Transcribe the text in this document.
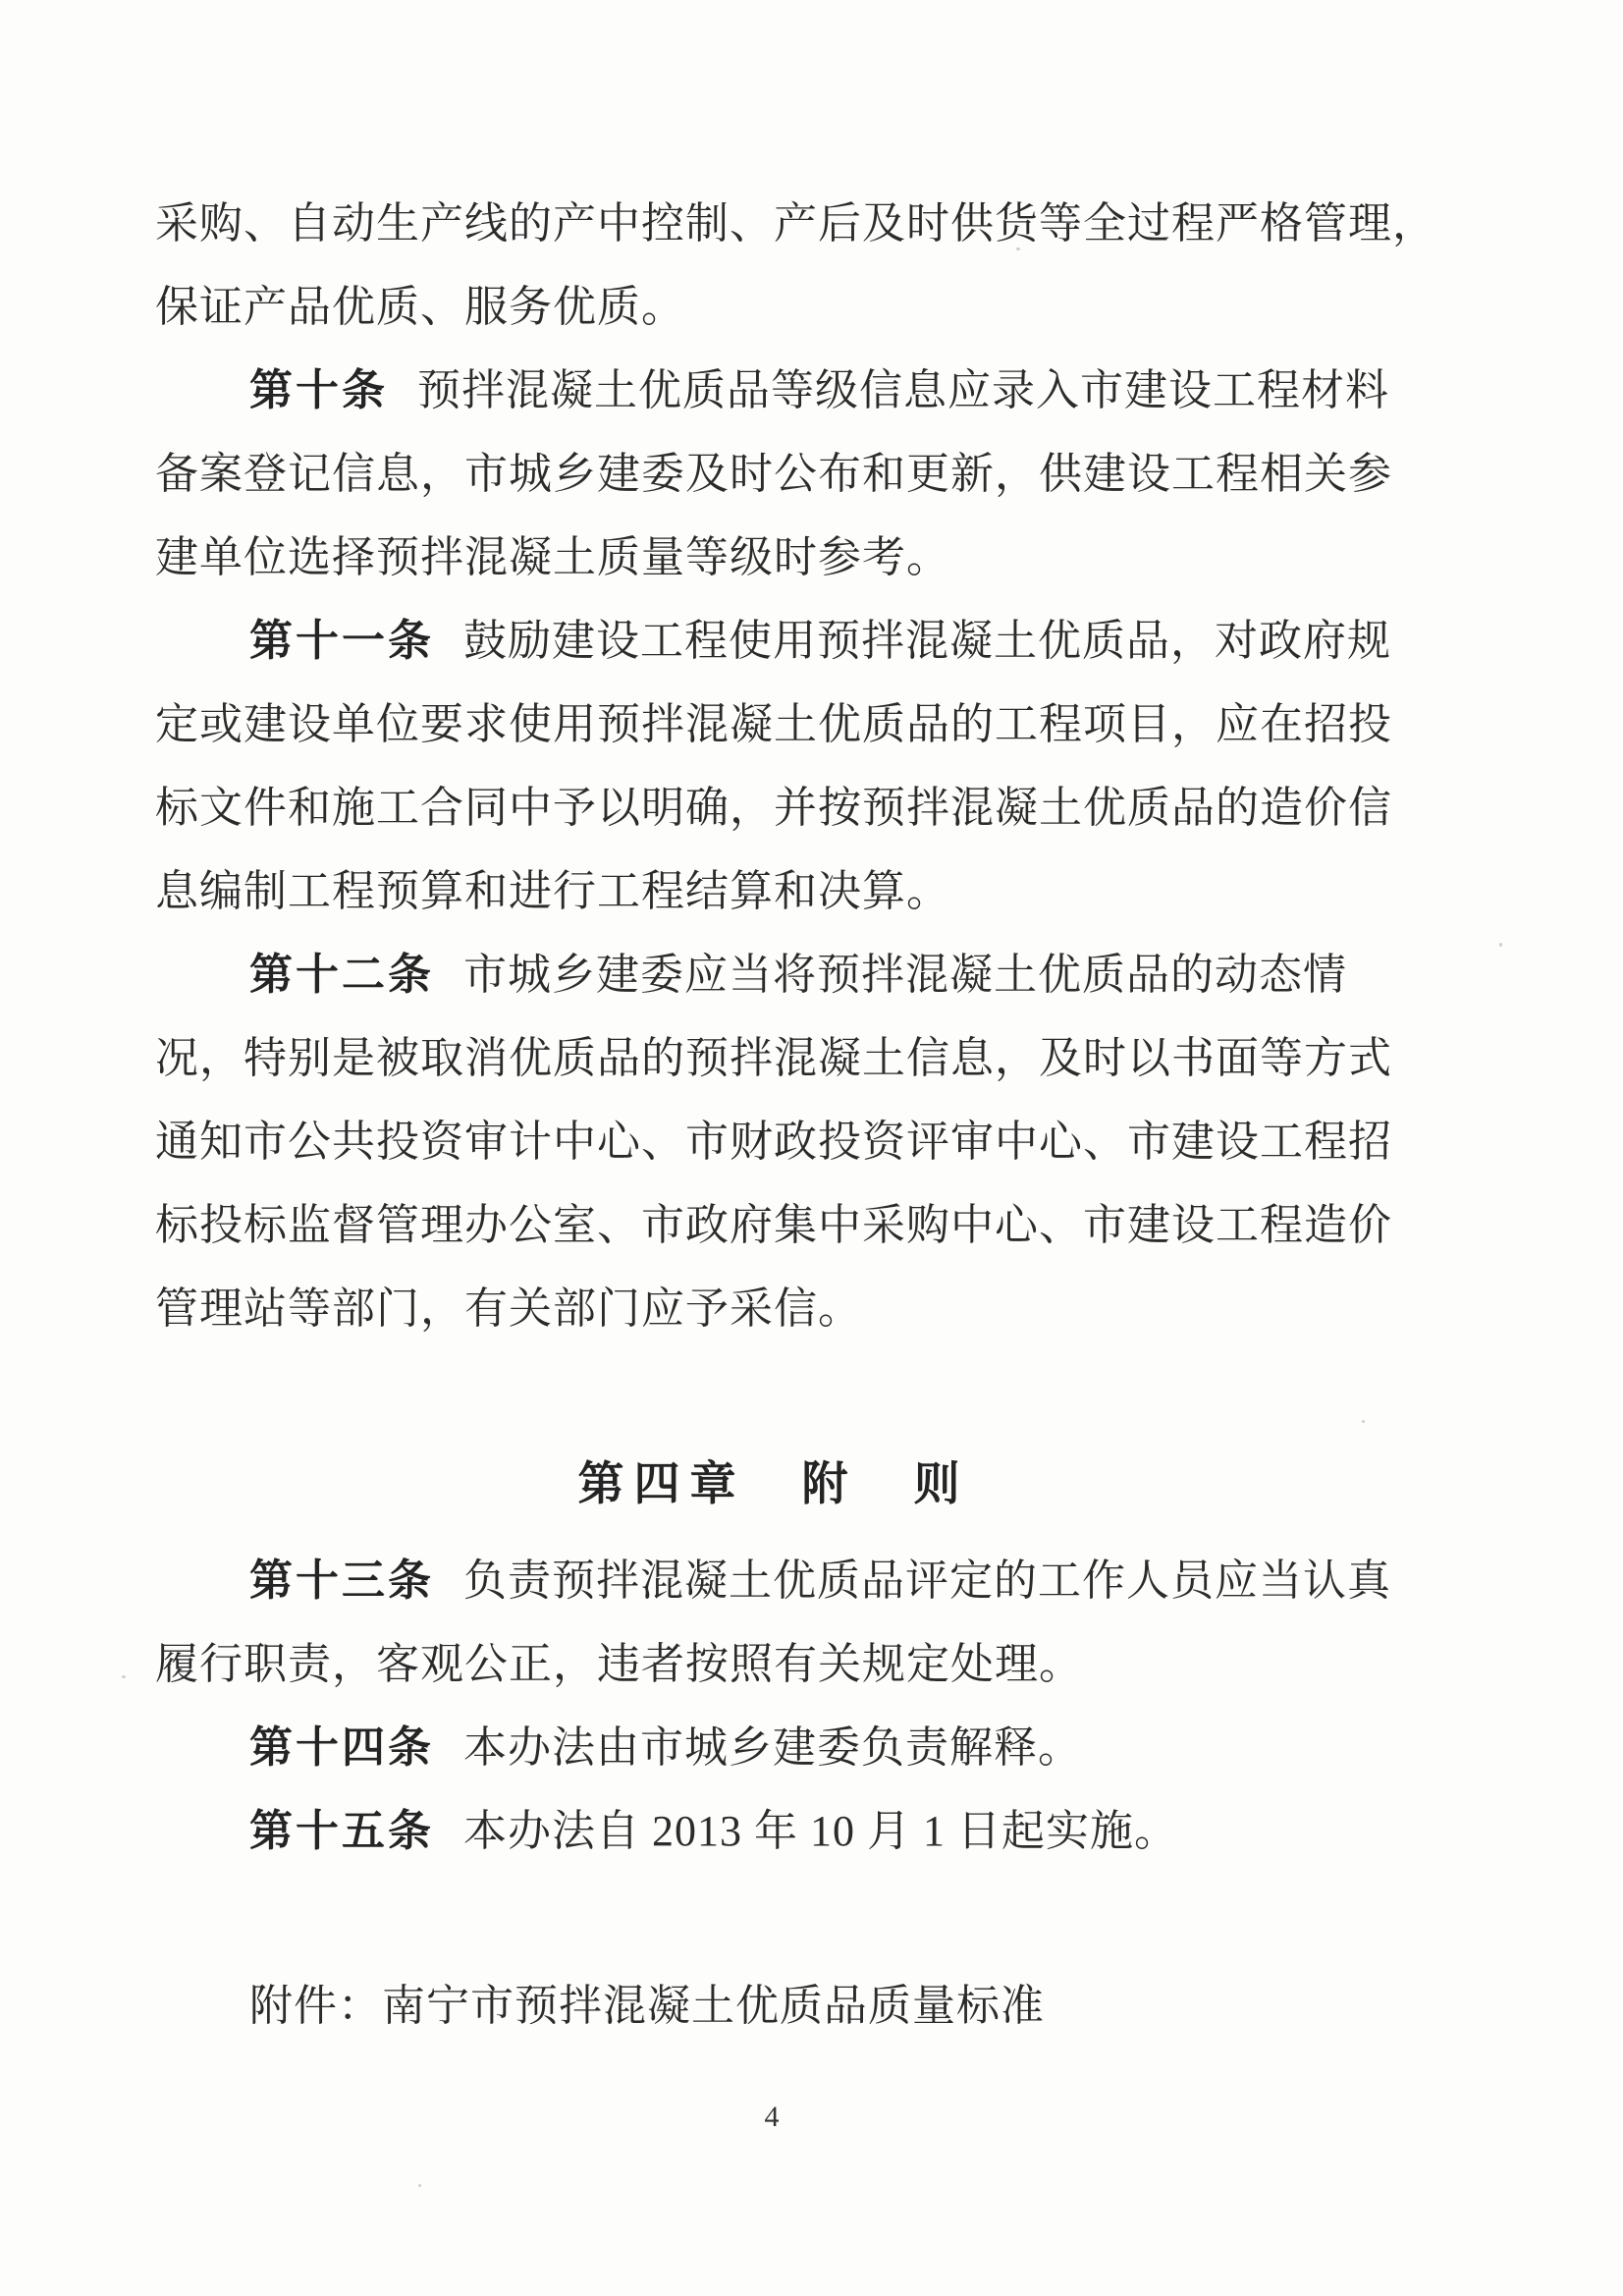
采购、自动生产线的产中控制、产后及时供货等全过程严格管理，
保证产品优质、服务优质。
第十条 预拌混凝土优质品等级信息应录入市建设工程材料
备案登记信息，市城乡建委及时公布和更新，供建设工程相关参
建单位选择预拌混凝土质量等级时参考。
第十一条 鼓励建设工程使用预拌混凝土优质品，对政府规
定或建设单位要求使用预拌混凝土优质品的工程项目，应在招投
标文件和施工合同中予以明确，并按预拌混凝土优质品的造价信
息编制工程预算和进行工程结算和决算。
第十二条 市城乡建委应当将预拌混凝土优质品的动态情
况，特别是被取消优质品的预拌混凝土信息，及时以书面等方式
通知市公共投资审计中心、市财政投资评审中心、市建设工程招
标投标监督管理办公室、市政府集中采购中心、市建设工程造价
管理站等部门，有关部门应予采信。
第四章　附　则
第十三条 负责预拌混凝土优质品评定的工作人员应当认真
履行职责，客观公正，违者按照有关规定处理。
第十四条 本办法由市城乡建委负责解释。
第十五条 本办法自 2013 年 10 月 1 日起实施。
附件：南宁市预拌混凝土优质品质量标准
4
